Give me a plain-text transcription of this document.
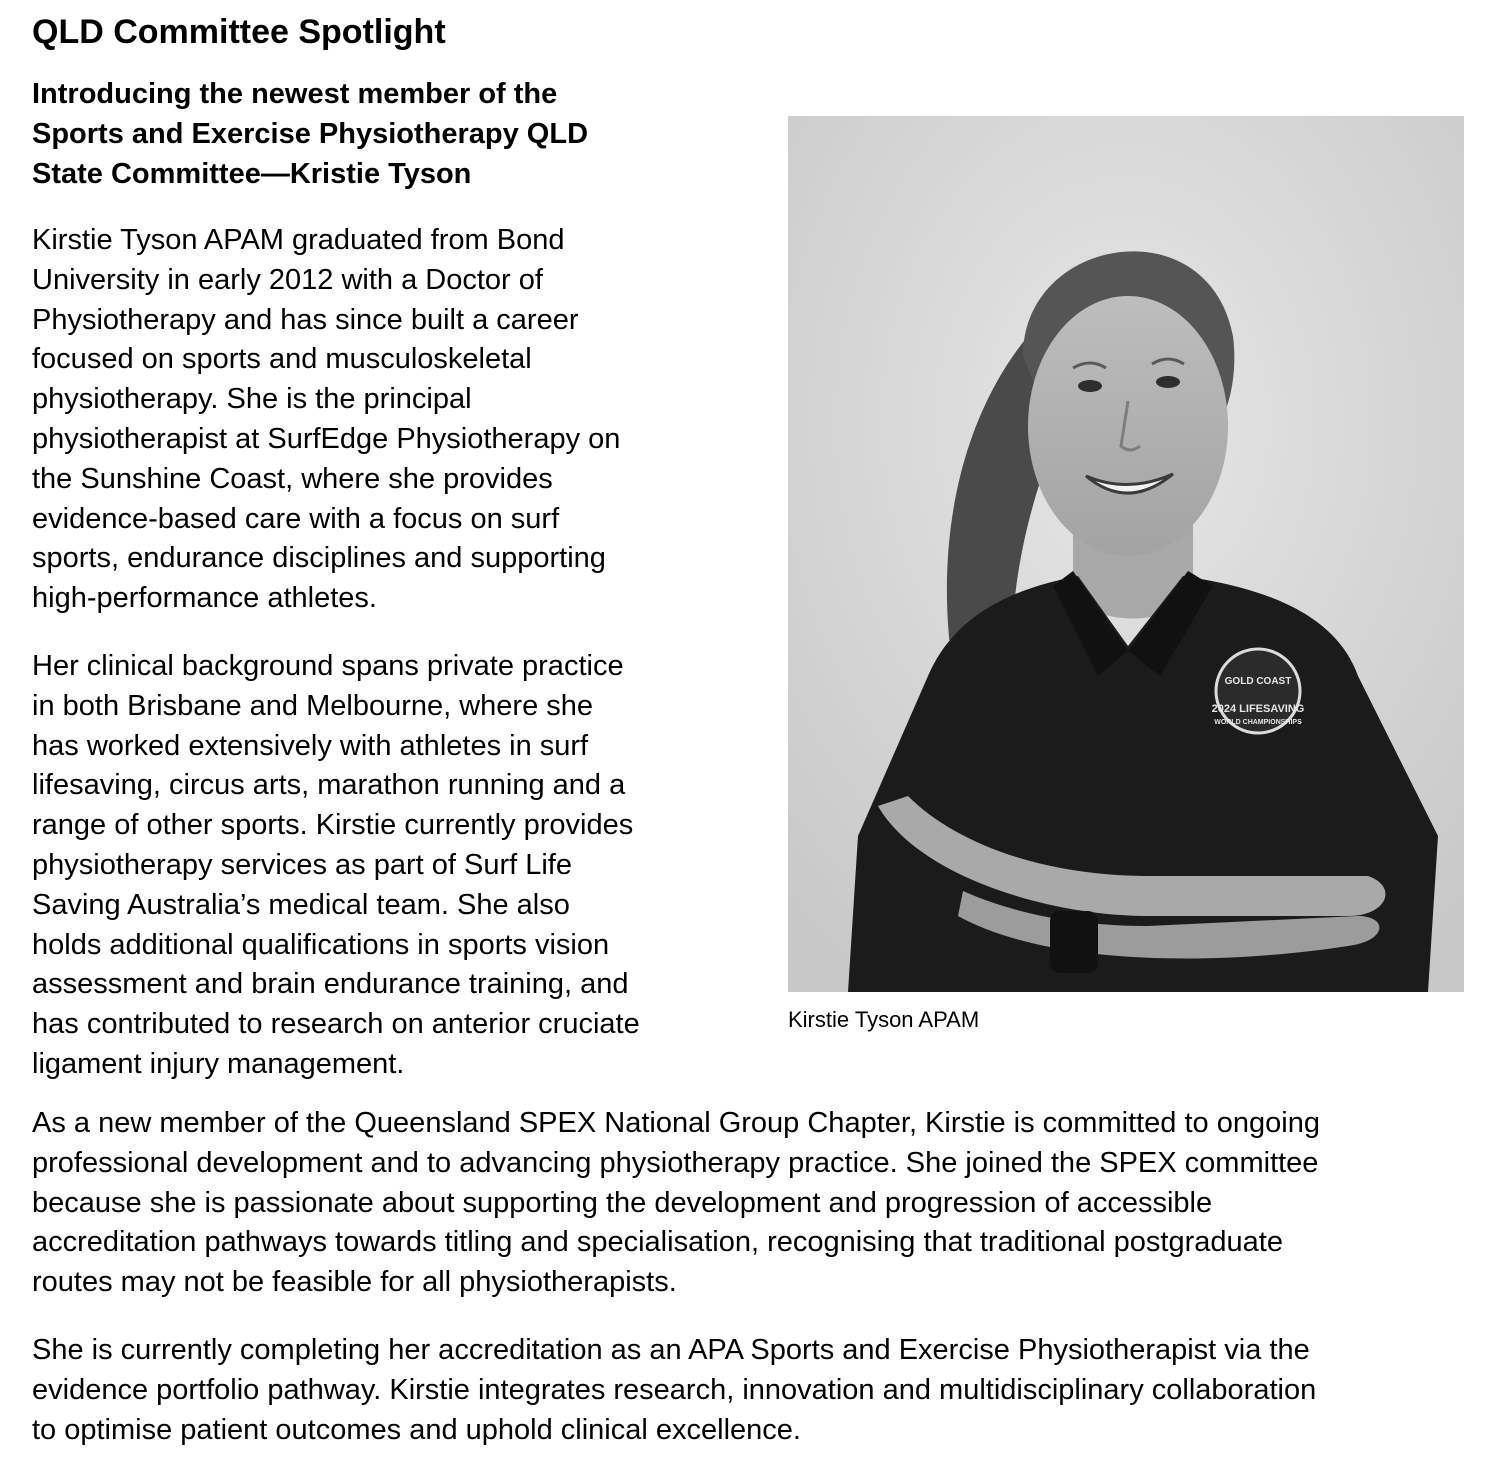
QLD Committee Spotlight
Introducing the newest member of the
Sports and Exercise Physiotherapy QLD
State Committee—Kristie Tyson
Kirstie Tyson APAM graduated from Bond
University in early 2012 with a Doctor of
Physiotherapy and has since built a career
focused on sports and musculoskeletal
physiotherapy. She is the principal
physiotherapist at SurfEdge Physiotherapy on
the Sunshine Coast, where she provides
evidence-based care with a focus on surf
sports, endurance disciplines and supporting
high-performance athletes.
Her clinical background spans private practice
in both Brisbane and Melbourne, where she
has worked extensively with athletes in surf
lifesaving, circus arts, marathon running and a
range of other sports. Kirstie currently provides
physiotherapy services as part of Surf Life
Saving Australia’s medical team. She also
holds additional qualifications in sports vision
assessment and brain endurance training, and
has contributed to research on anterior cruciate
ligament injury management.
GOLD COAST
2024 LIFESAVING
WORLD CHAMPIONSHIPS
Kirstie Tyson APAM
As a new member of the Queensland SPEX National Group Chapter, Kirstie is committed to ongoing
professional development and to advancing physiotherapy practice. She joined the SPEX committee
because she is passionate about supporting the development and progression of accessible
accreditation pathways towards titling and specialisation, recognising that traditional postgraduate
routes may not be feasible for all physiotherapists.
She is currently completing her accreditation as an APA Sports and Exercise Physiotherapist via the
evidence portfolio pathway. Kirstie integrates research, innovation and multidisciplinary collaboration
to optimise patient outcomes and uphold clinical excellence.
